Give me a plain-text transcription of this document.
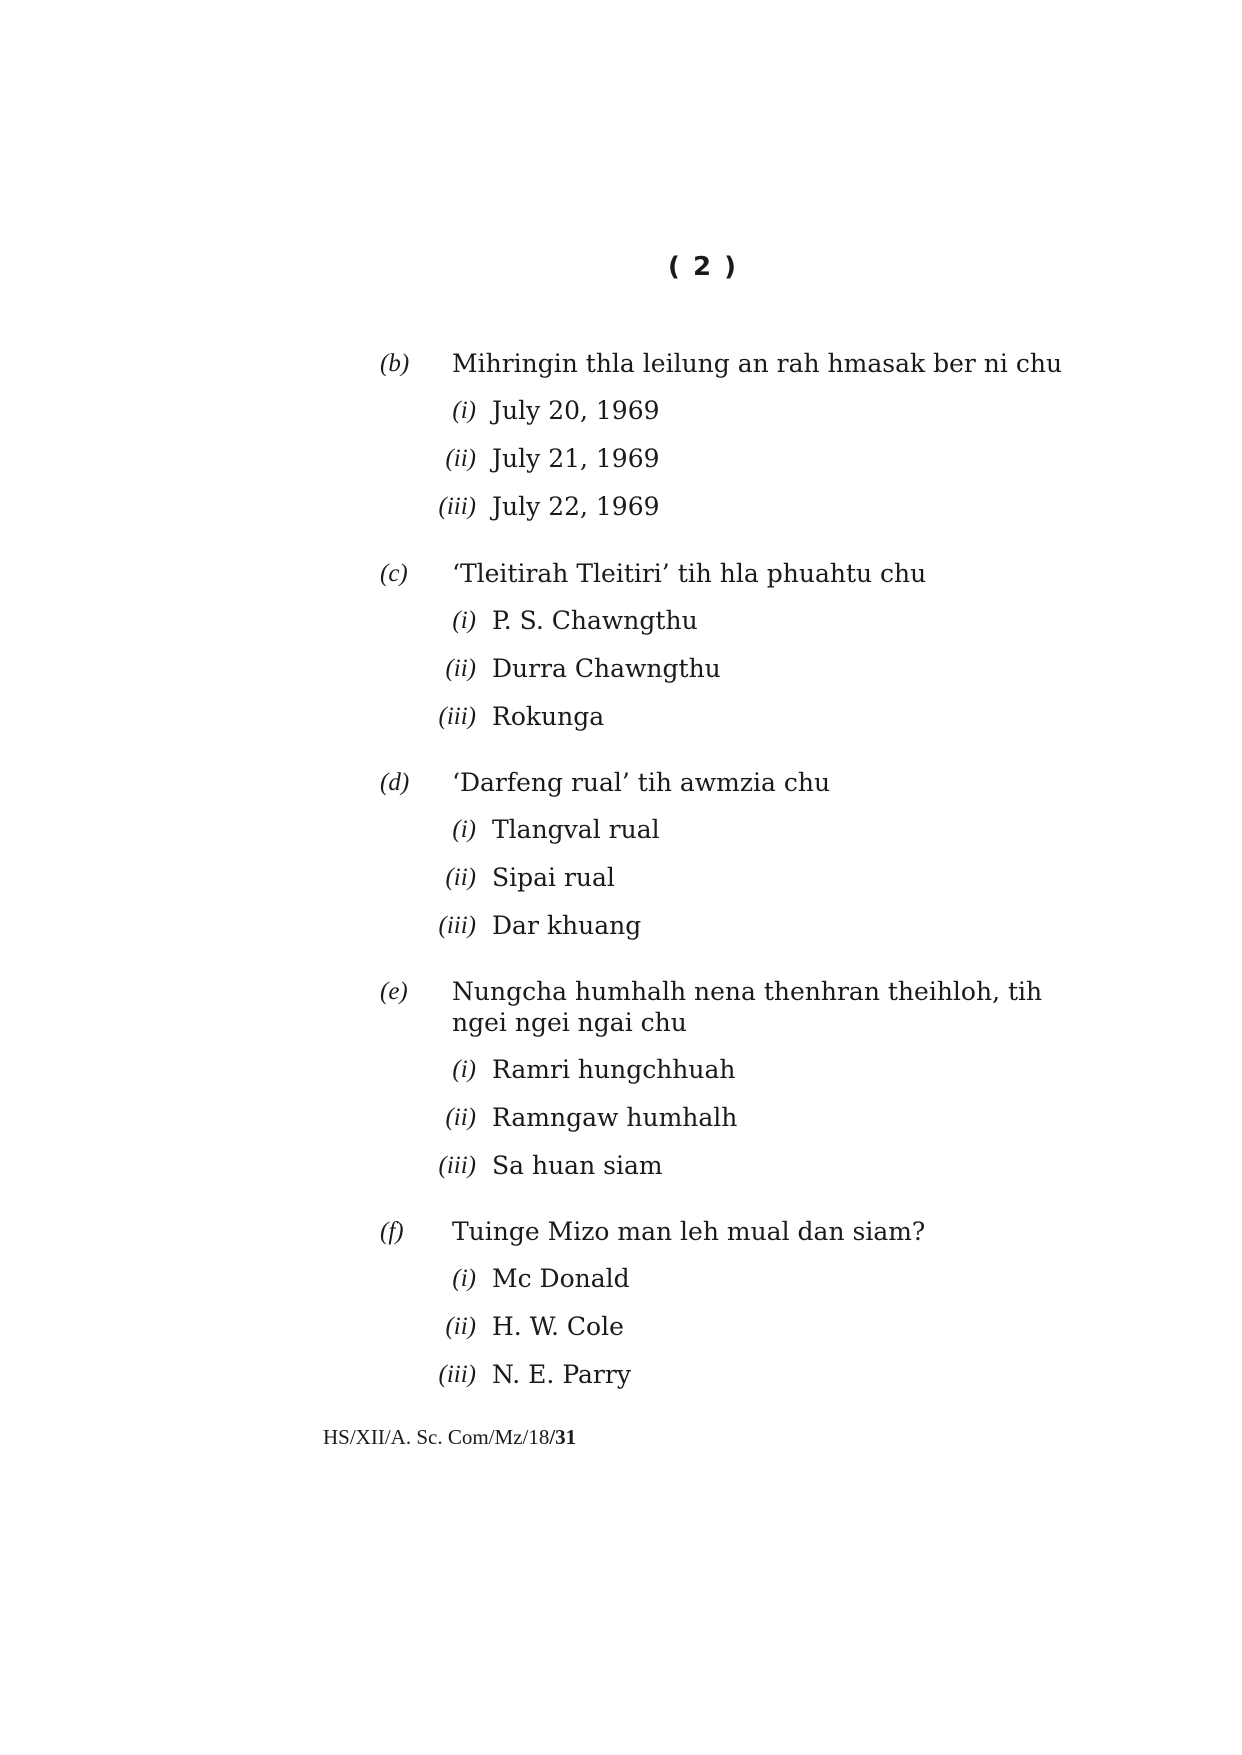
( 2 )
(b) Mihringin thla leilung an rah hmasak ber ni chu
(i) July 20, 1969
(ii) July 21, 1969
(iii) July 22, 1969
(c) ‘Tleitirah Tleitiri’ tih hla phuahtu chu
(i) P. S. Chawngthu
(ii) Durra Chawngthu
(iii) Rokunga
(d) ‘Darfeng rual’ tih awmzia chu
(i) Tlangval rual
(ii) Sipai rual
(iii) Dar khuang
(e) Nungcha humhalh nena thenhran theihloh, tih
ngei ngei ngai chu
(i) Ramri hungchhuah
(ii) Ramngaw humhalh
(iii) Sa huan siam
(f) Tuinge Mizo man leh mual dan siam?
(i) Mc Donald
(ii) H. W. Cole
(iii) N. E. Parry
HS/XII/A. Sc. Com/Mz/18/31
